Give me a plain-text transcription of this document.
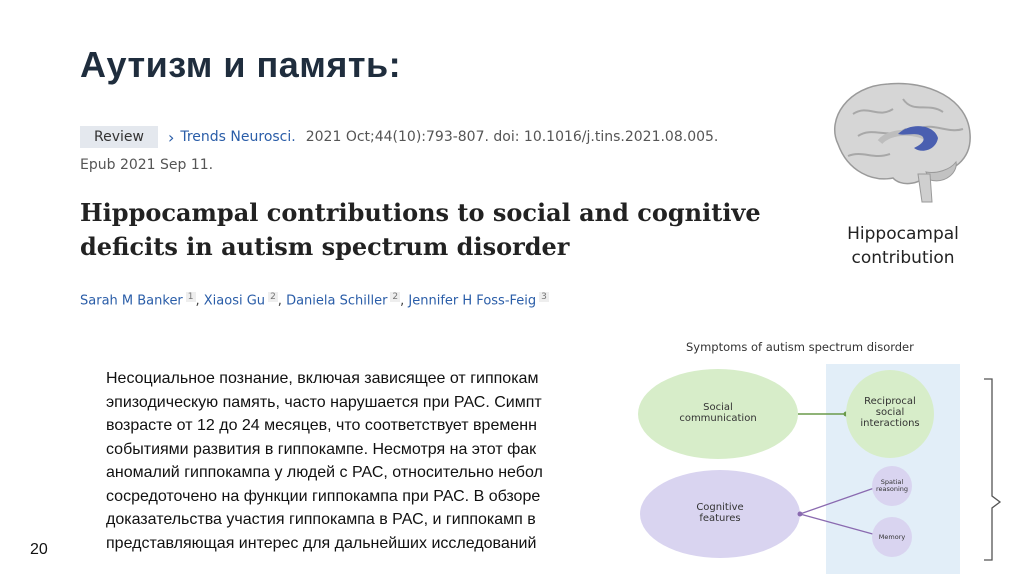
Аутизм и память:
Review	› Trends Neurosci. 2021 Oct;44(10):793-807. doi: 10.1016/j.tins.2021.08.005.
Epub 2021 Sep 11.
Hippocampal contributions to social and cognitive
deficits in autism spectrum disorder
Sarah M Banker $^1$ , Xiaosi Gu $^2$ , Daniela Schiller $^2$ , Jennifer H Foss-Feig $^3$
Несоциальное познание, включая зависящее от гиппокам
эпизодическую память, часто нарушается при РАС. Симпт
возрасте от 12 до 24 месяцев, что соответствует временн
событиями развития в гиппокампе. Несмотря на этот фак
аномалий гиппокампа у людей с РАС, относительно небол
сосредоточено на функции гиппокампа при РАС. В обзоре
доказательства участия гиппокампа в РАС, и гиппокамп в
представляющая интерес для дальнейших исследований
20
Hippocampal
contribution
Symptoms of autism spectrum disorder
Social
communication
Reciprocal
social
interactions
Cognitive
features
Spatial
reasoning
Memory
